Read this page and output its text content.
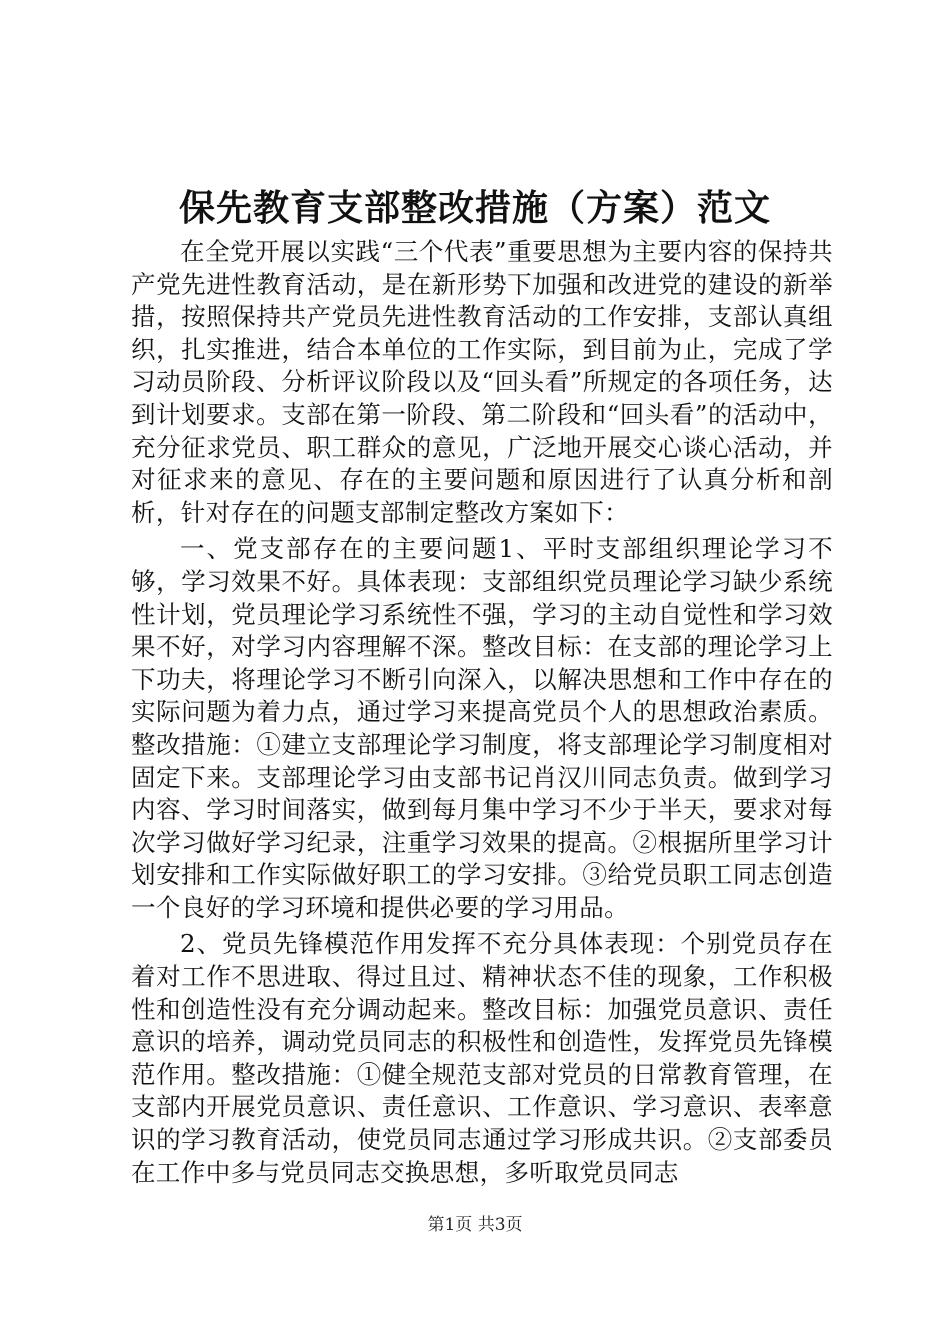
保先教育支部整改措施（方案）范文

在全党开展以实践“三个代表”重要思想为主要内容的保持共产党先进性教育活动，是在新形势下加强和改进党的建设的新举措，按照保持共产党员先进性教育活动的工作安排，支部认真组织，扎实推进，结合本单位的工作实际，到目前为止，完成了学习动员阶段、分析评议阶段以及“回头看”所规定的各项任务，达到计划要求。支部在第一阶段、第二阶段和“回头看”的活动中，充分征求党员、职工群众的意见，广泛地开展交心谈心活动，并对征求来的意见、存在的主要问题和原因进行了认真分析和剖析，针对存在的问题支部制定整改方案如下：

一、党支部存在的主要问题1、平时支部组织理论学习不够，学习效果不好。具体表现：支部组织党员理论学习缺少系统性计划，党员理论学习系统性不强，学习的主动自觉性和学习效果不好，对学习内容理解不深。整改目标：在支部的理论学习上下功夫，将理论学习不断引向深入，以解决思想和工作中存在的实际问题为着力点，通过学习来提高党员个人的思想政治素质。整改措施：①建立支部理论学习制度，将支部理论学习制度相对固定下来。支部理论学习由支部书记肖汉川同志负责。做到学习内容、学习时间落实，做到每月集中学习不少于半天，要求对每次学习做好学习纪录，注重学习效果的提高。②根据所里学习计划安排和工作实际做好职工的学习安排。③给党员职工同志创造一个良好的学习环境和提供必要的学习用品。

2、党员先锋模范作用发挥不充分具体表现：个别党员存在着对工作不思进取、得过且过、精神状态不佳的现象，工作积极性和创造性没有充分调动起来。整改目标：加强党员意识、责任意识的培养，调动党员同志的积极性和创造性，发挥党员先锋模范作用。整改措施：①健全规范支部对党员的日常教育管理，在支部内开展党员意识、责任意识、工作意识、学习意识、表率意识的学习教育活动，使党员同志通过学习形成共识。②支部委员在工作中多与党员同志交换思想，多听取党员同志

第1页 共3页
